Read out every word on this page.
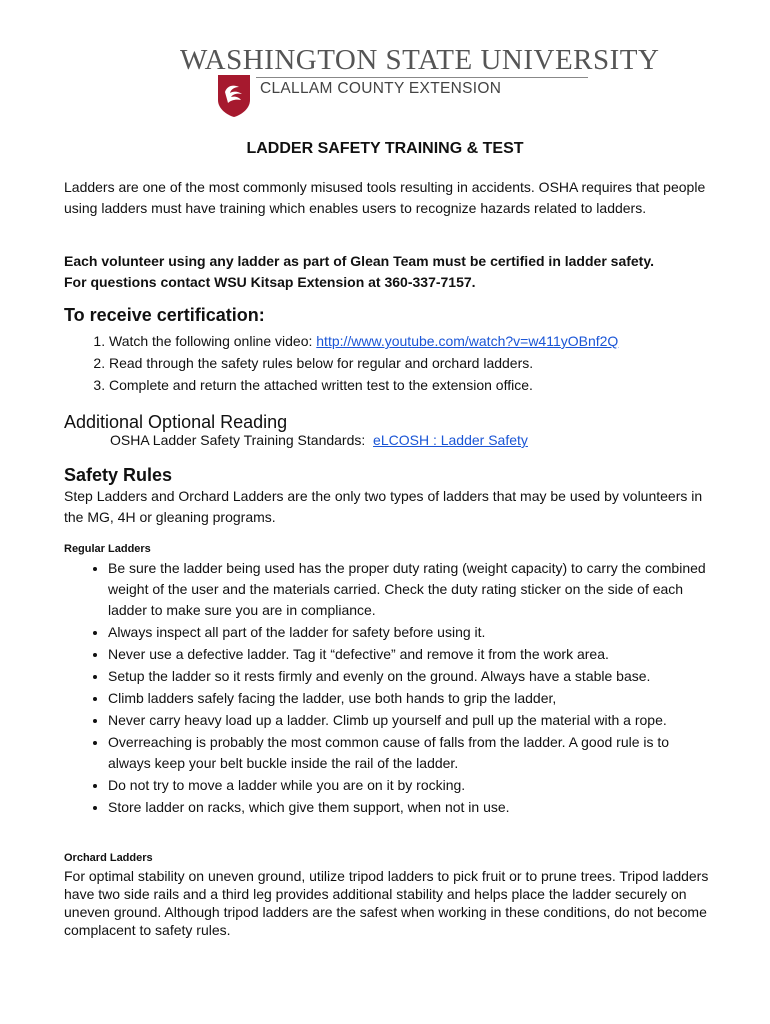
WASHINGTON STATE UNIVERSITY
CLALLAM COUNTY EXTENSION
LADDER SAFETY TRAINING & TEST
Ladders are one of the most commonly misused tools resulting in accidents. OSHA requires that people using ladders must have training which enables users to recognize hazards related to ladders.
Each volunteer using any ladder as part of Glean Team must be certified in ladder safety.
For questions contact WSU Kitsap Extension at 360-337-7157.
To receive certification:
1. Watch the following online video: http://www.youtube.com/watch?v=w411yOBnf2Q
2. Read through the safety rules below for regular and orchard ladders.
3. Complete and return the attached written test to the extension office.
Additional Optional Reading
OSHA Ladder Safety Training Standards:  eLCOSH : Ladder Safety
Safety Rules
Step Ladders and Orchard Ladders are the only two types of ladders that may be used by volunteers in the MG, 4H or gleaning programs.
Regular Ladders
• Be sure the ladder being used has the proper duty rating (weight capacity) to carry the combined weight of the user and the materials carried. Check the duty rating sticker on the side of each ladder to make sure you are in compliance.
• Always inspect all part of the ladder for safety before using it.
• Never use a defective ladder. Tag it “defective” and remove it from the work area.
• Setup the ladder so it rests firmly and evenly on the ground. Always have a stable base.
• Climb ladders safely facing the ladder, use both hands to grip the ladder,
• Never carry heavy load up a ladder. Climb up yourself and pull up the material with a rope.
• Overreaching is probably the most common cause of falls from the ladder. A good rule is to always keep your belt buckle inside the rail of the ladder.
• Do not try to move a ladder while you are on it by rocking.
• Store ladder on racks, which give them support, when not in use.
Orchard Ladders
For optimal stability on uneven ground, utilize tripod ladders to pick fruit or to prune trees. Tripod ladders have two side rails and a third leg provides additional stability and helps place the ladder securely on uneven ground. Although tripod ladders are the safest when working in these conditions, do not become complacent to safety rules.
